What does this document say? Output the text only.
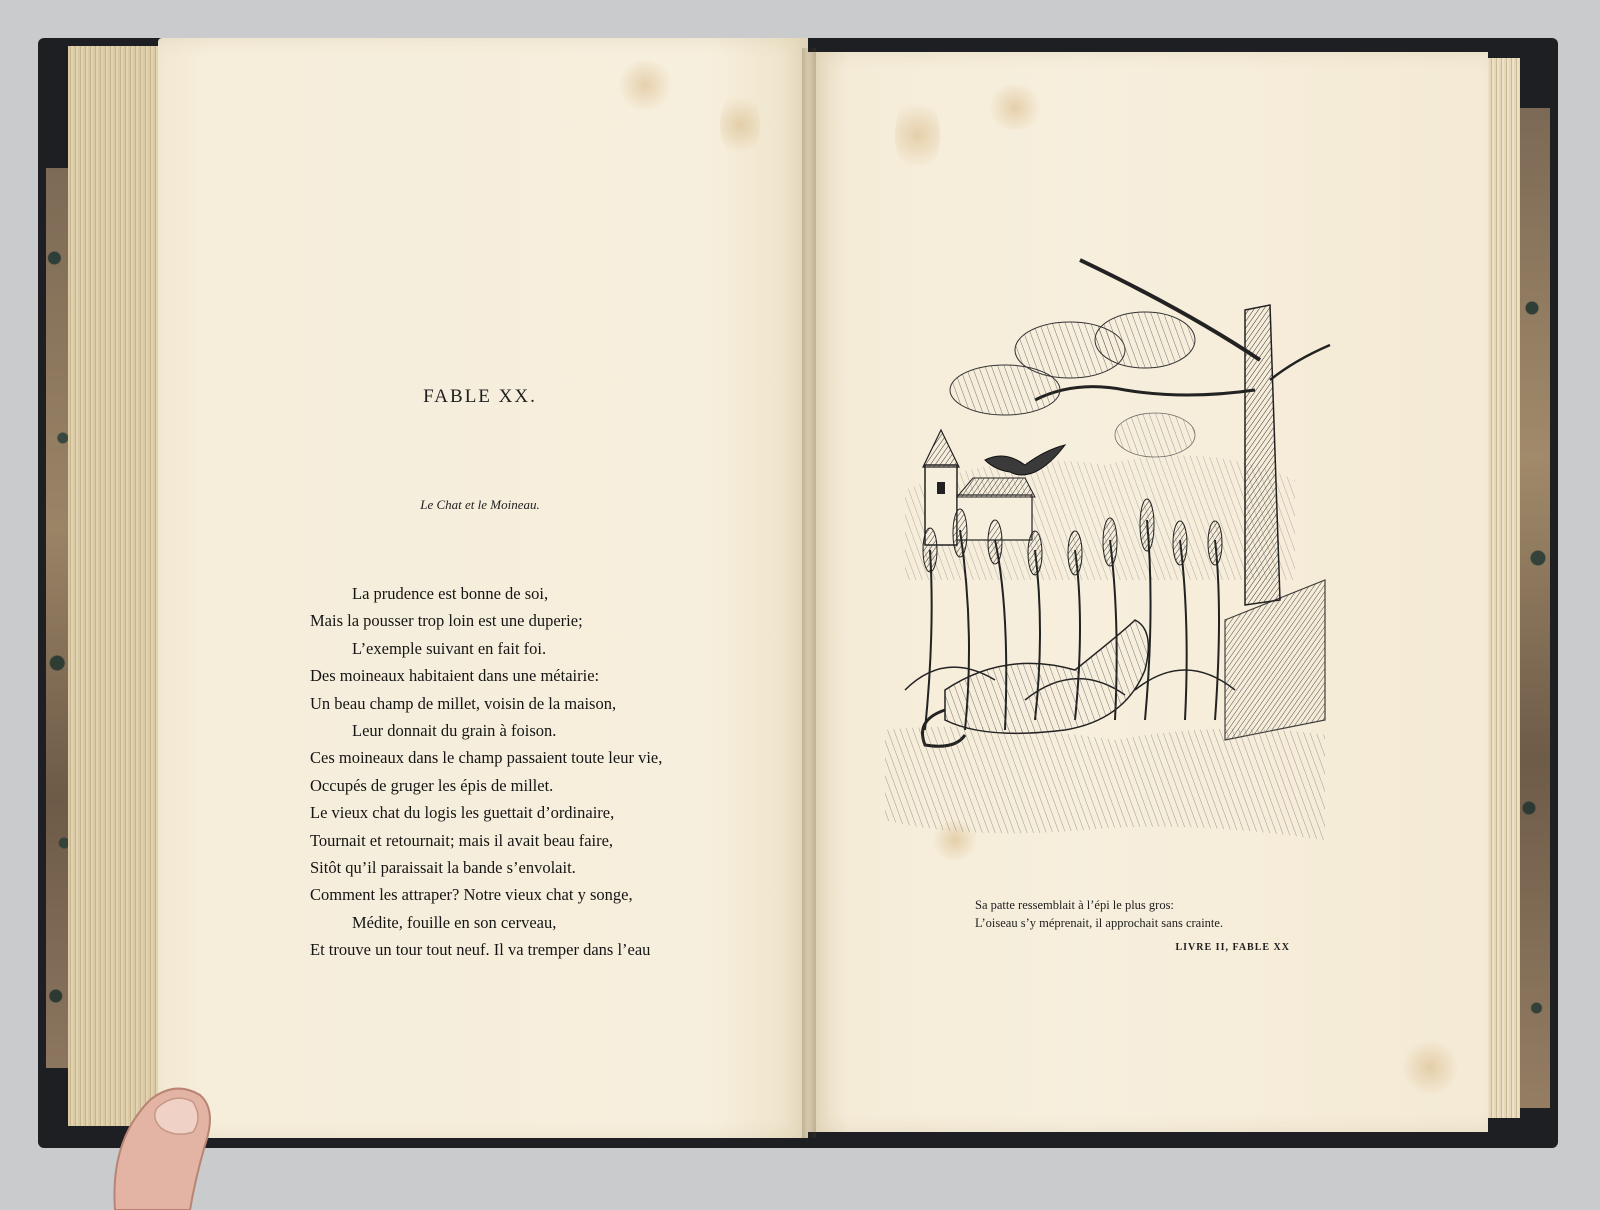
FABLE XX.
Le Chat et le Moineau.
La prudence est bonne de soi,
Mais la pousser trop loin est une duperie;
L’exemple suivant en fait foi.
Des moineaux habitaient dans une métairie:
Un beau champ de millet, voisin de la maison,
Leur donnait du grain à foison.
Ces moineaux dans le champ passaient toute leur vie,
Occupés de gruger les épis de millet.
Le vieux chat du logis les guettait d’ordinaire,
Tournait et retournait; mais il avait beau faire,
Sitôt qu’il paraissait la bande s’envolait.
Comment les attraper? Notre vieux chat y songe,
Médite, fouille en son cerveau,
Et trouve un tour tout neuf. Il va tremper dans l’eau
Sa patte ressemblait à l’épi le plus gros:
L’oiseau s’y méprenait, il approchait sans crainte.
LIVRE II, FABLE XX
